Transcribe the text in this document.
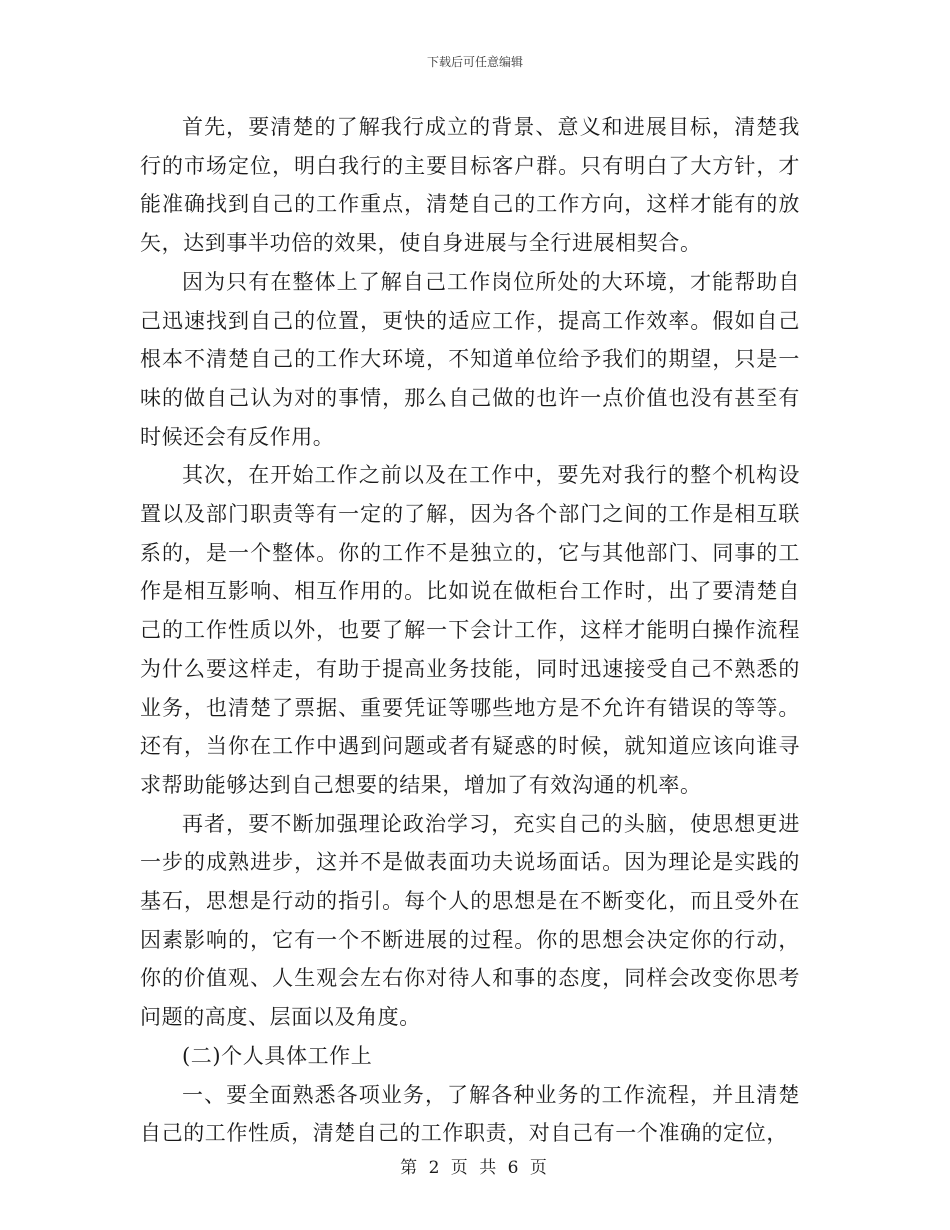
下载后可任意编辑

首先，要清楚的了解我行成立的背景、意义和进展目标，清楚我行的市场定位，明白我行的主要目标客户群。只有明白了大方针，才能准确找到自己的工作重点，清楚自己的工作方向，这样才能有的放矢，达到事半功倍的效果，使自身进展与全行进展相契合。

因为只有在整体上了解自己工作岗位所处的大环境，才能帮助自己迅速找到自己的位置，更快的适应工作，提高工作效率。假如自己根本不清楚自己的工作大环境，不知道单位给予我们的期望，只是一味的做自己认为对的事情，那么自己做的也许一点价值也没有甚至有时候还会有反作用。

其次，在开始工作之前以及在工作中，要先对我行的整个机构设置以及部门职责等有一定的了解，因为各个部门之间的工作是相互联系的，是一个整体。你的工作不是独立的，它与其他部门、同事的工作是相互影响、相互作用的。比如说在做柜台工作时，出了要清楚自己的工作性质以外，也要了解一下会计工作，这样才能明白操作流程为什么要这样走，有助于提高业务技能，同时迅速接受自己不熟悉的业务，也清楚了票据、重要凭证等哪些地方是不允许有错误的等等。还有，当你在工作中遇到问题或者有疑惑的时候，就知道应该向谁寻求帮助能够达到自己想要的结果，增加了有效沟通的机率。

再者，要不断加强理论政治学习，充实自己的头脑，使思想更进一步的成熟进步，这并不是做表面功夫说场面话。因为理论是实践的基石，思想是行动的指引。每个人的思想是在不断变化，而且受外在因素影响的，它有一个不断进展的过程。你的思想会决定你的行动，你的价值观、人生观会左右你对待人和事的态度，同样会改变你思考问题的高度、层面以及角度。

(二)个人具体工作上

一、要全面熟悉各项业务，了解各种业务的工作流程，并且清楚自己的工作性质，清楚自己的工作职责，对自己有一个准确的定位，

第 2 页 共 6 页
